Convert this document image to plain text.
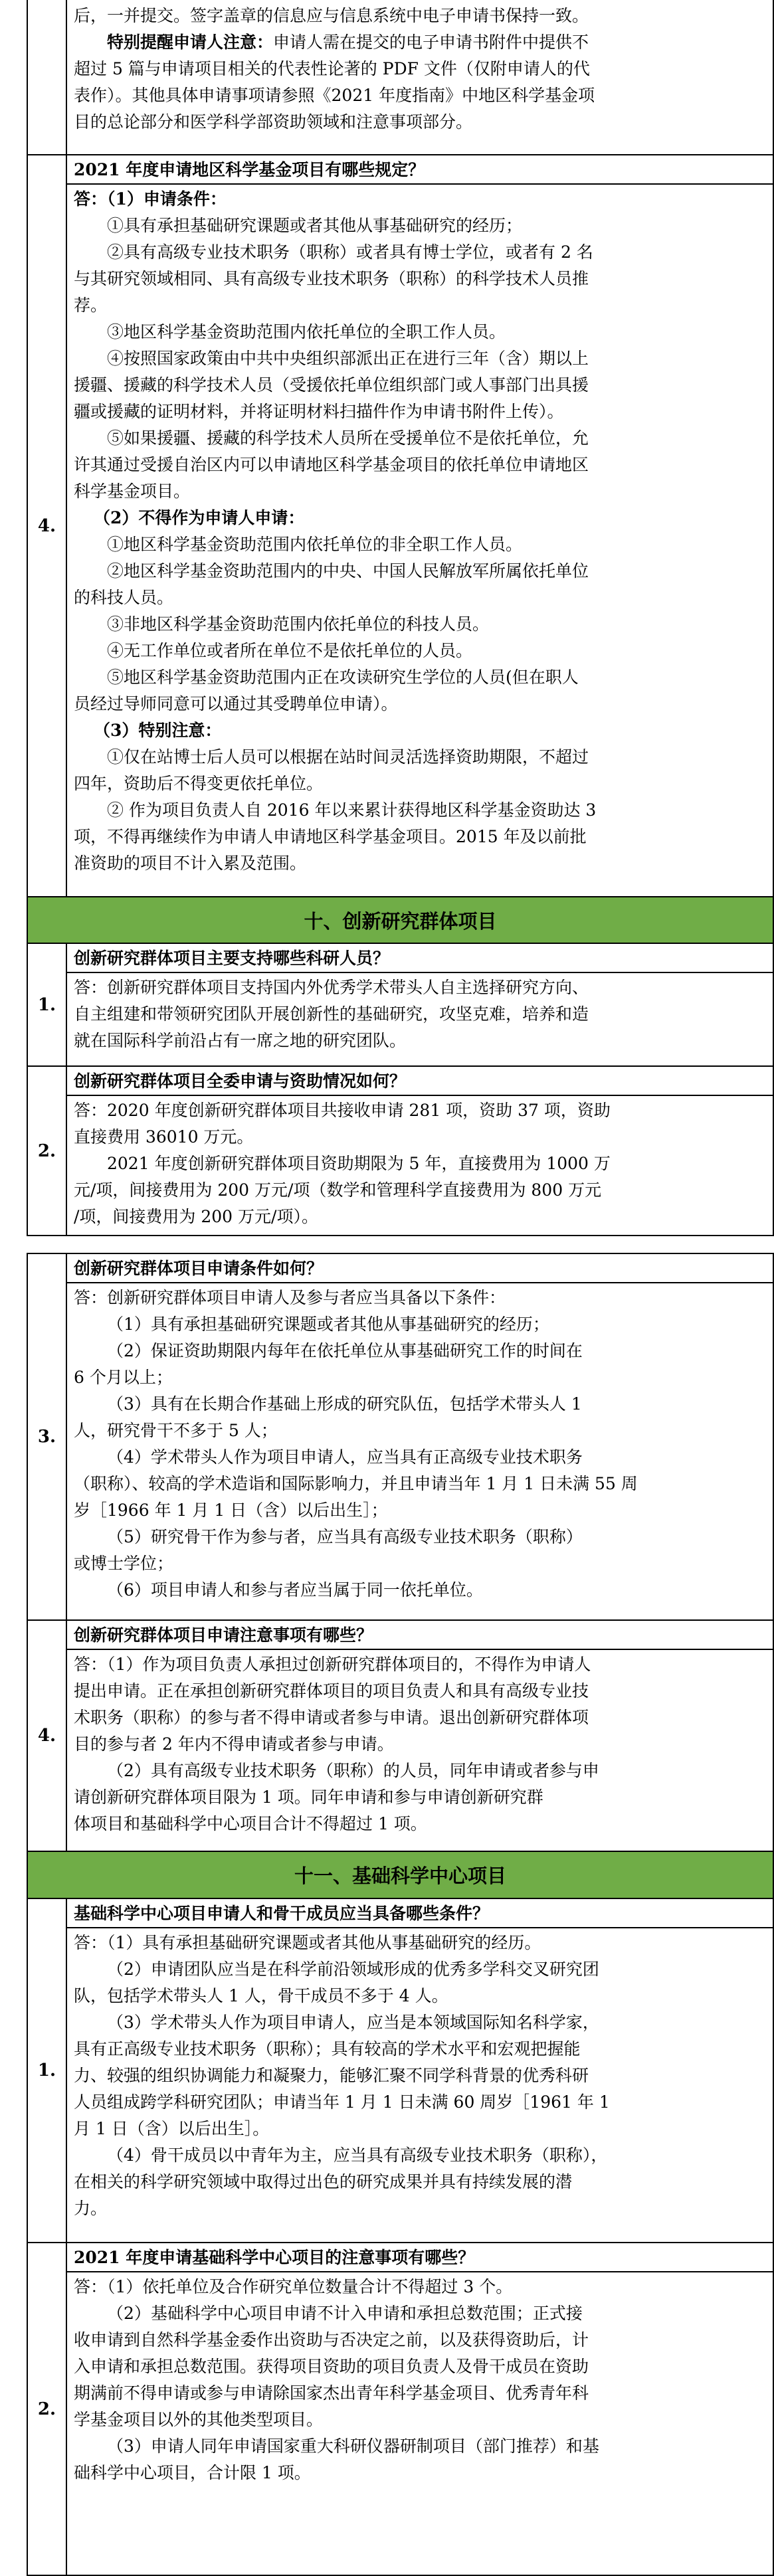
后，一并提交。签字盖章的信息应与信息系统中电子申请书保持一致。
特别提醒申请人注意：申请人需在提交的电子申请书附件中提供不
超过 5 篇与申请项目相关的代表性论著的 PDF 文件（仅附申请人的代
表作）。其他具体申请事项请参照《2021 年度指南》中地区科学基金项
目的总论部分和医学科学部资助领域和注意事项部分。
4.
2021 年度申请地区科学基金项目有哪些规定？
答：（1）申请条件：
①具有承担基础研究课题或者其他从事基础研究的经历；
②具有高级专业技术职务（职称）或者具有博士学位，或者有 2 名
与其研究领域相同、具有高级专业技术职务（职称）的科学技术人员推
荐。
③地区科学基金资助范围内依托单位的全职工作人员。
④按照国家政策由中共中央组织部派出正在进行三年（含）期以上
援疆、援藏的科学技术人员（受援依托单位组织部门或人事部门出具援
疆或援藏的证明材料，并将证明材料扫描件作为申请书附件上传）。
⑤如果援疆、援藏的科学技术人员所在受援单位不是依托单位，允
许其通过受援自治区内可以申请地区科学基金项目的依托单位申请地区
科学基金项目。
（2）不得作为申请人申请：
①地区科学基金资助范围内依托单位的非全职工作人员。
②地区科学基金资助范围内的中央、中国人民解放军所属依托单位
的科技人员。
③非地区科学基金资助范围内依托单位的科技人员。
④无工作单位或者所在单位不是依托单位的人员。
⑤地区科学基金资助范围内正在攻读研究生学位的人员(但在职人
员经过导师同意可以通过其受聘单位申请）。
（3）特别注意：
①仅在站博士后人员可以根据在站时间灵活选择资助期限，不超过
四年，资助后不得变更依托单位。
② 作为项目负责人自 2016 年以来累计获得地区科学基金资助达 3
项，不得再继续作为申请人申请地区科学基金项目。2015 年及以前批
准资助的项目不计入累及范围。
十、创新研究群体项目
1.
创新研究群体项目主要支持哪些科研人员？
答：创新研究群体项目支持国内外优秀学术带头人自主选择研究方向、
自主组建和带领研究团队开展创新性的基础研究，攻坚克难，培养和造
就在国际科学前沿占有一席之地的研究团队。
2.
创新研究群体项目全委申请与资助情况如何？
答：2020 年度创新研究群体项目共接收申请 281 项，资助 37 项，资助
直接费用 36010 万元。
2021 年度创新研究群体项目资助期限为 5 年，直接费用为 1000 万
元/项，间接费用为 200 万元/项（数学和管理科学直接费用为 800 万元
/项，间接费用为 200 万元/项）。
3.
创新研究群体项目申请条件如何？
答：创新研究群体项目申请人及参与者应当具备以下条件：
（1）具有承担基础研究课题或者其他从事基础研究的经历；
（2）保证资助期限内每年在依托单位从事基础研究工作的时间在
6 个月以上；
（3）具有在长期合作基础上形成的研究队伍，包括学术带头人 1
人，研究骨干不多于 5 人；
（4）学术带头人作为项目申请人，应当具有正高级专业技术职务
（职称）、较高的学术造诣和国际影响力，并且申请当年 1 月 1 日未满 55 周
岁［1966 年 1 月 1 日（含）以后出生］；
（5）研究骨干作为参与者，应当具有高级专业技术职务（职称）
或博士学位；
（6）项目申请人和参与者应当属于同一依托单位。
4.
创新研究群体项目申请注意事项有哪些？
答：（1）作为项目负责人承担过创新研究群体项目的，不得作为申请人
提出申请。正在承担创新研究群体项目的项目负责人和具有高级专业技
术职务（职称）的参与者不得申请或者参与申请。退出创新研究群体项
目的参与者 2 年内不得申请或者参与申请。
（2）具有高级专业技术职务（职称）的人员，同年申请或者参与申
请创新研究群体项目限为 1 项。同年申请和参与申请创新研究群
体项目和基础科学中心项目合计不得超过 1 项。
十一、基础科学中心项目
1.
基础科学中心项目申请人和骨干成员应当具备哪些条件？
答：（1）具有承担基础研究课题或者其他从事基础研究的经历。
（2）申请团队应当是在科学前沿领域形成的优秀多学科交叉研究团
队，包括学术带头人 1 人，骨干成员不多于 4 人。
（3）学术带头人作为项目申请人，应当是本领域国际知名科学家，
具有正高级专业技术职务（职称）；具有较高的学术水平和宏观把握能
力、较强的组织协调能力和凝聚力，能够汇聚不同学科背景的优秀科研
人员组成跨学科研究团队；申请当年 1 月 1 日未满 60 周岁［1961 年 1
月 1 日（含）以后出生］。
（4）骨干成员以中青年为主，应当具有高级专业技术职务（职称），
在相关的科学研究领域中取得过出色的研究成果并具有持续发展的潜
力。
2.
2021 年度申请基础科学中心项目的注意事项有哪些？
答：（1）依托单位及合作研究单位数量合计不得超过 3 个。
（2）基础科学中心项目申请不计入申请和承担总数范围；正式接
收申请到自然科学基金委作出资助与否决定之前，以及获得资助后，计
入申请和承担总数范围。获得项目资助的项目负责人及骨干成员在资助
期满前不得申请或参与申请除国家杰出青年科学基金项目、优秀青年科
学基金项目以外的其他类型项目。
（3）申请人同年申请国家重大科研仪器研制项目（部门推荐）和基
础科学中心项目，合计限 1 项。
